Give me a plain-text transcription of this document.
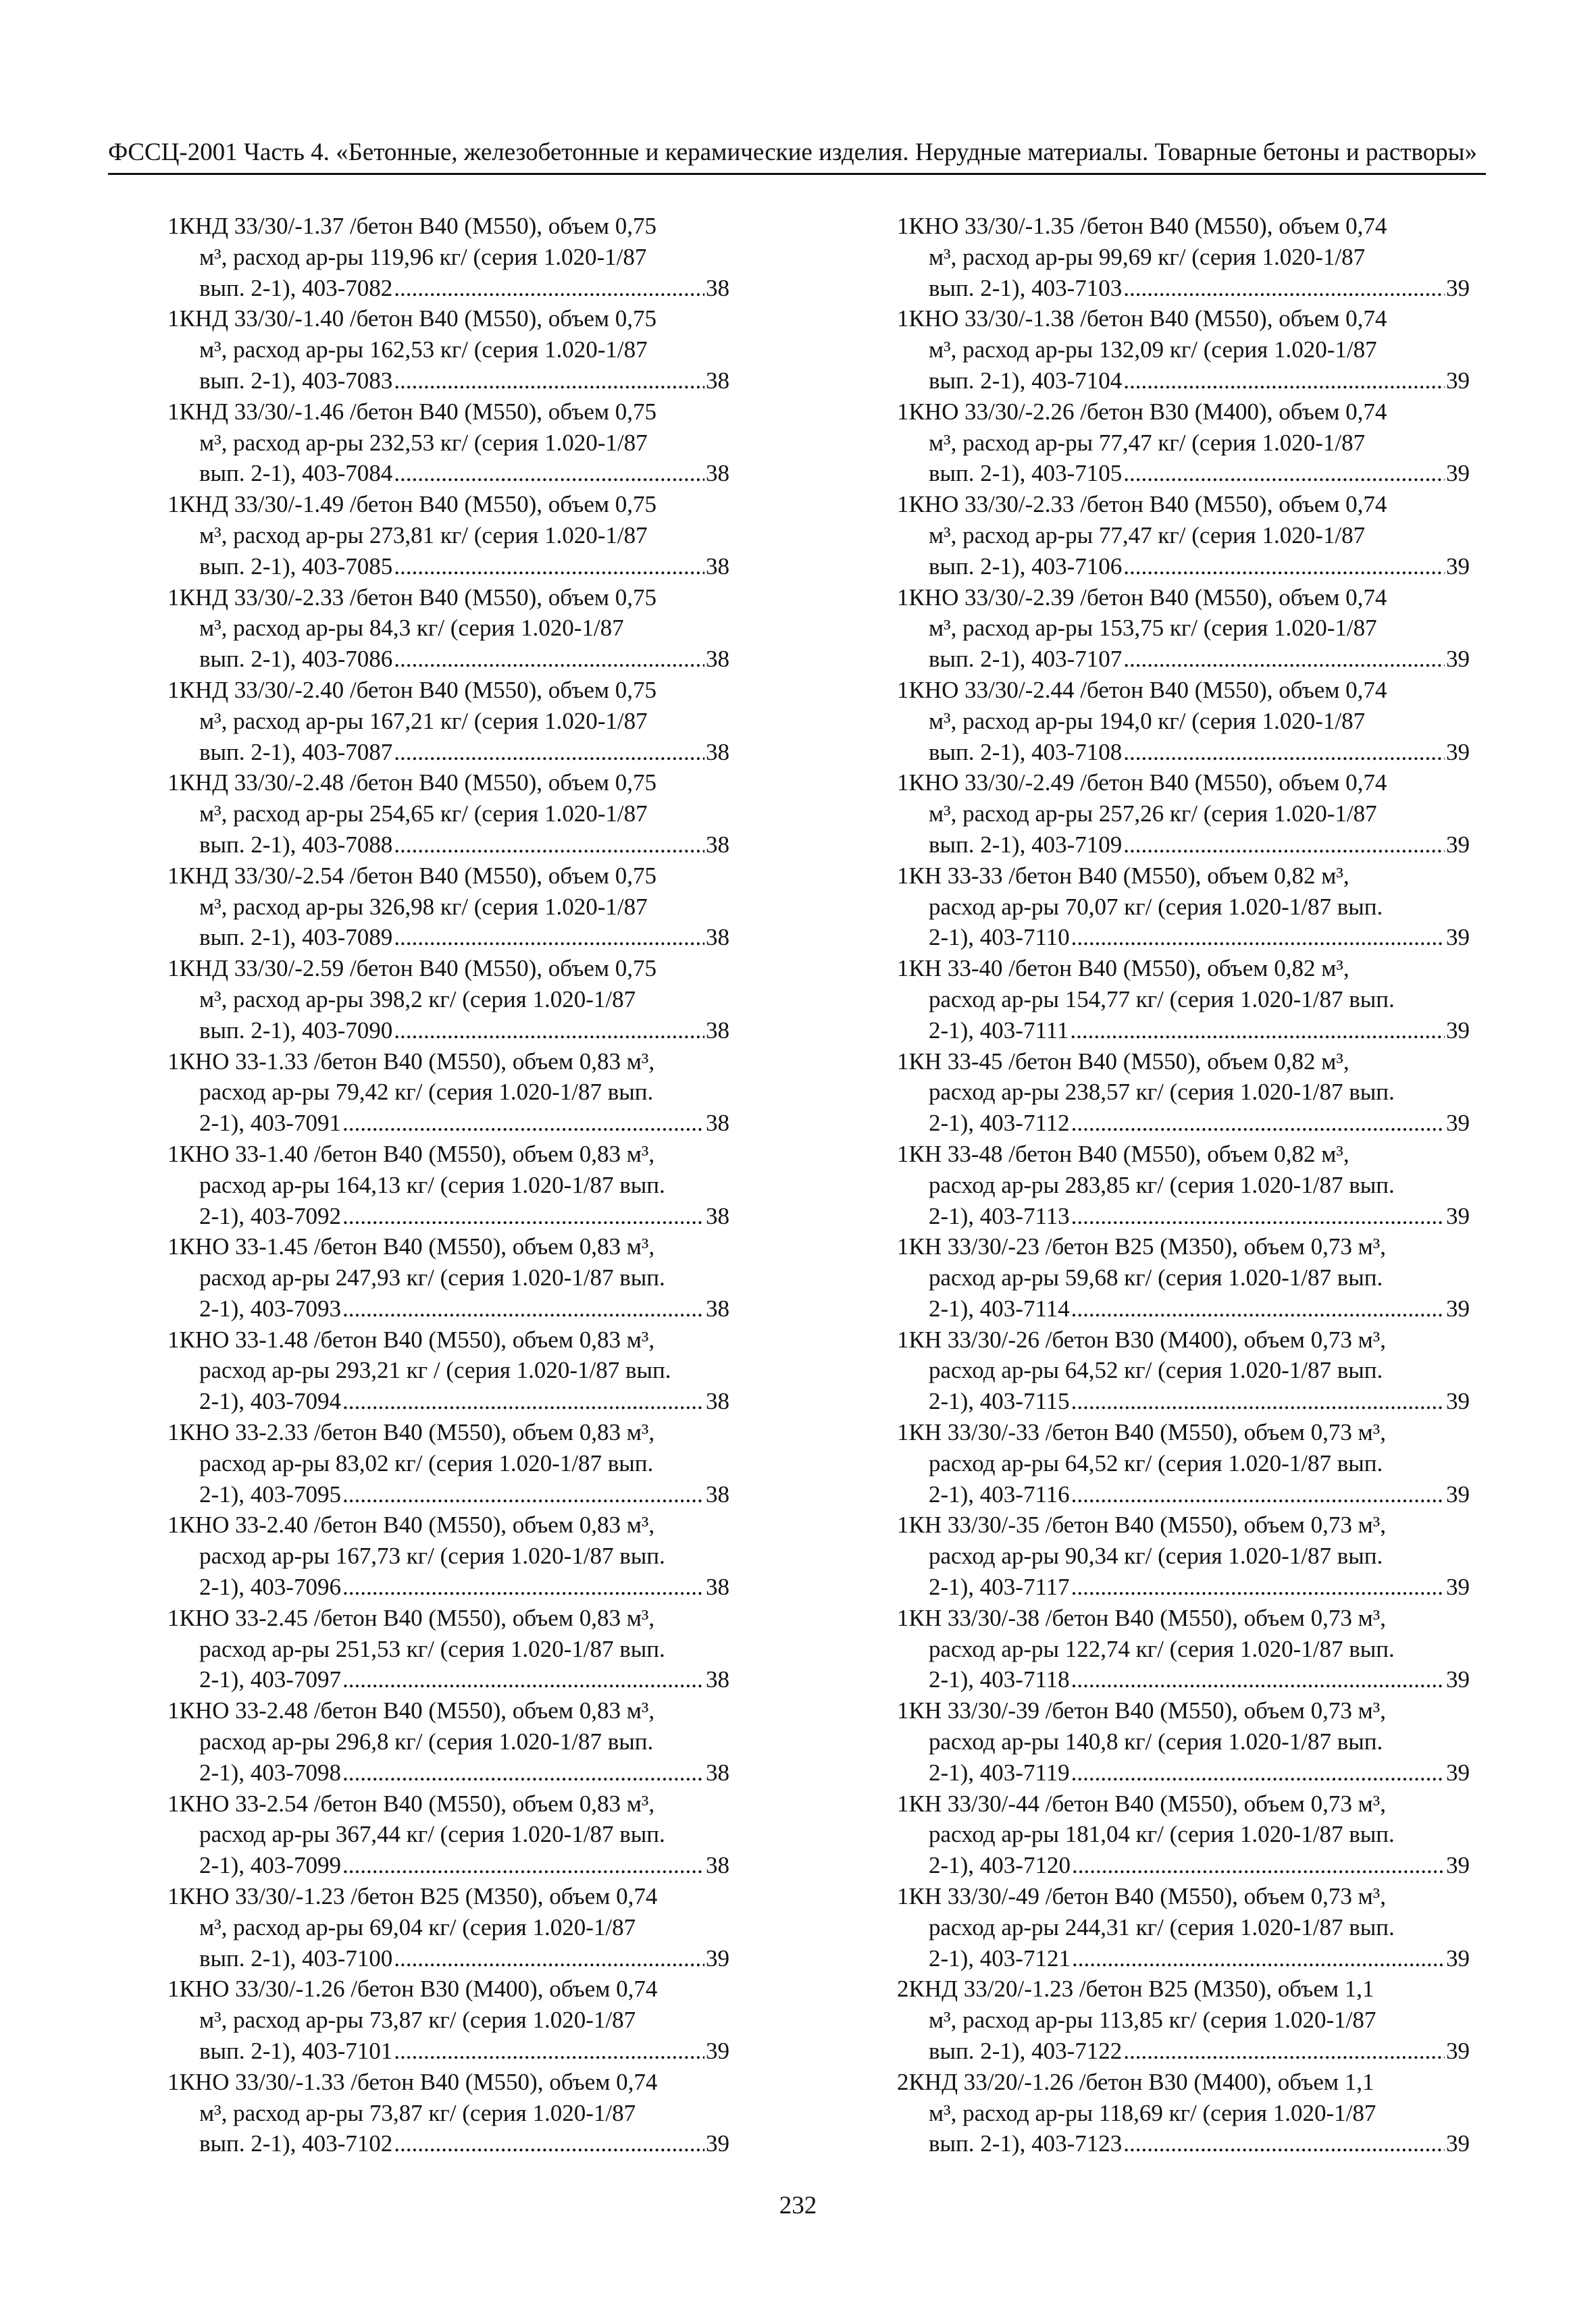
ФССЦ-2001 Часть 4. «Бетонные, железобетонные и керамические изделия. Нерудные материалы. Товарные бетоны и растворы»
1КНД 33/30/-1.37 /бетон В40 (М550), объем 0,75
м³, расход ар-ры 119,96 кг/ (серия 1.020-1/87
вып. 2-1), 403-7082 .....	38
1КНД 33/30/-1.40 /бетон В40 (М550), объем 0,75
м³, расход ар-ры 162,53 кг/ (серия 1.020-1/87
вып. 2-1), 403-7083 .....	38
1КНД 33/30/-1.46 /бетон В40 (М550), объем 0,75
м³, расход ар-ры 232,53 кг/ (серия 1.020-1/87
вып. 2-1), 403-7084 .....	38
1КНД 33/30/-1.49 /бетон В40 (М550), объем 0,75
м³, расход ар-ры 273,81 кг/ (серия 1.020-1/87
вып. 2-1), 403-7085 .....	38
1КНД 33/30/-2.33 /бетон В40 (М550), объем 0,75
м³, расход ар-ры 84,3 кг/ (серия 1.020-1/87
вып. 2-1), 403-7086 .....	38
1КНД 33/30/-2.40 /бетон В40 (М550), объем 0,75
м³, расход ар-ры 167,21 кг/ (серия 1.020-1/87
вып. 2-1), 403-7087 .....	38
1КНД 33/30/-2.48 /бетон В40 (М550), объем 0,75
м³, расход ар-ры 254,65 кг/ (серия 1.020-1/87
вып. 2-1), 403-7088 .....	38
1КНД 33/30/-2.54 /бетон В40 (М550), объем 0,75
м³, расход ар-ры 326,98 кг/ (серия 1.020-1/87
вып. 2-1), 403-7089 .....	38
1КНД 33/30/-2.59 /бетон В40 (М550), объем 0,75
м³, расход ар-ры 398,2 кг/ (серия 1.020-1/87
вып. 2-1), 403-7090 .....	38
1КНО 33-1.33 /бетон В40 (М550), объем 0,83 м³,
расход ар-ры 79,42 кг/ (серия 1.020-1/87 вып.
2-1), 403-7091 .....	38
1КНО 33-1.40 /бетон В40 (М550), объем 0,83 м³,
расход ар-ры 164,13 кг/ (серия 1.020-1/87 вып.
2-1), 403-7092 .....	38
1КНО 33-1.45 /бетон В40 (М550), объем 0,83 м³,
расход ар-ры 247,93 кг/ (серия 1.020-1/87 вып.
2-1), 403-7093 .....	38
1КНО 33-1.48 /бетон В40 (М550), объем 0,83 м³,
расход ар-ры 293,21 кг / (серия 1.020-1/87 вып.
2-1), 403-7094 .....	38
1КНО 33-2.33 /бетон В40 (М550), объем 0,83 м³,
расход ар-ры 83,02 кг/ (серия 1.020-1/87 вып.
2-1), 403-7095 .....	38
1КНО 33-2.40 /бетон В40 (М550), объем 0,83 м³,
расход ар-ры 167,73 кг/ (серия 1.020-1/87 вып.
2-1), 403-7096 .....	38
1КНО 33-2.45 /бетон В40 (М550), объем 0,83 м³,
расход ар-ры 251,53 кг/ (серия 1.020-1/87 вып.
2-1), 403-7097 .....	38
1КНО 33-2.48 /бетон В40 (М550), объем 0,83 м³,
расход ар-ры 296,8 кг/ (серия 1.020-1/87 вып.
2-1), 403-7098 .....	38
1КНО 33-2.54 /бетон В40 (М550), объем 0,83 м³,
расход ар-ры 367,44 кг/ (серия 1.020-1/87 вып.
2-1), 403-7099 .....	38
1КНО 33/30/-1.23 /бетон В25 (М350), объем 0,74
м³, расход ар-ры 69,04 кг/ (серия 1.020-1/87
вып. 2-1), 403-7100 .....	39
1КНО 33/30/-1.26 /бетон В30 (М400), объем 0,74
м³, расход ар-ры 73,87 кг/ (серия 1.020-1/87
вып. 2-1), 403-7101 .....	39
1КНО 33/30/-1.33 /бетон В40 (М550), объем 0,74
м³, расход ар-ры 73,87 кг/ (серия 1.020-1/87
вып. 2-1), 403-7102 .....	39
1КНО 33/30/-1.35 /бетон В40 (М550), объем 0,74
м³, расход ар-ры 99,69 кг/ (серия 1.020-1/87
вып. 2-1), 403-7103 .....	39
1КНО 33/30/-1.38 /бетон В40 (М550), объем 0,74
м³, расход ар-ры 132,09 кг/ (серия 1.020-1/87
вып. 2-1), 403-7104 .....	39
1КНО 33/30/-2.26 /бетон В30 (М400), объем 0,74
м³, расход ар-ры 77,47 кг/ (серия 1.020-1/87
вып. 2-1), 403-7105 .....	39
1КНО 33/30/-2.33 /бетон В40 (М550), объем 0,74
м³, расход ар-ры 77,47 кг/ (серия 1.020-1/87
вып. 2-1), 403-7106 .....	39
1КНО 33/30/-2.39 /бетон В40 (М550), объем 0,74
м³, расход ар-ры 153,75 кг/ (серия 1.020-1/87
вып. 2-1), 403-7107 .....	39
1КНО 33/30/-2.44 /бетон В40 (М550), объем 0,74
м³, расход ар-ры 194,0 кг/ (серия 1.020-1/87
вып. 2-1), 403-7108 .....	39
1КНО 33/30/-2.49 /бетон В40 (М550), объем 0,74
м³, расход ар-ры 257,26 кг/ (серия 1.020-1/87
вып. 2-1), 403-7109 .....	39
1КН 33-33 /бетон В40 (М550), объем 0,82 м³,
расход ар-ры 70,07 кг/ (серия 1.020-1/87 вып.
2-1), 403-7110 .....	39
1КН 33-40 /бетон В40 (М550), объем 0,82 м³,
расход ар-ры 154,77 кг/ (серия 1.020-1/87 вып.
2-1), 403-7111 .....	39
1КН 33-45 /бетон В40 (М550), объем 0,82 м³,
расход ар-ры 238,57 кг/ (серия 1.020-1/87 вып.
2-1), 403-7112 .....	39
1КН 33-48 /бетон В40 (М550), объем 0,82 м³,
расход ар-ры 283,85 кг/ (серия 1.020-1/87 вып.
2-1), 403-7113 .....	39
1КН 33/30/-23 /бетон В25 (М350), объем 0,73 м³,
расход ар-ры 59,68 кг/ (серия 1.020-1/87 вып.
2-1), 403-7114 .....	39
1КН 33/30/-26 /бетон В30 (М400), объем 0,73 м³,
расход ар-ры 64,52 кг/ (серия 1.020-1/87 вып.
2-1), 403-7115 .....	39
1КН 33/30/-33 /бетон В40 (М550), объем 0,73 м³,
расход ар-ры 64,52 кг/ (серия 1.020-1/87 вып.
2-1), 403-7116 .....	39
1КН 33/30/-35 /бетон В40 (М550), объем 0,73 м³,
расход ар-ры 90,34 кг/ (серия 1.020-1/87 вып.
2-1), 403-7117 .....	39
1КН 33/30/-38 /бетон В40 (М550), объем 0,73 м³,
расход ар-ры 122,74 кг/ (серия 1.020-1/87 вып.
2-1), 403-7118 .....	39
1КН 33/30/-39 /бетон В40 (М550), объем 0,73 м³,
расход ар-ры 140,8 кг/ (серия 1.020-1/87 вып.
2-1), 403-7119 .....	39
1КН 33/30/-44 /бетон В40 (М550), объем 0,73 м³,
расход ар-ры 181,04 кг/ (серия 1.020-1/87 вып.
2-1), 403-7120 .....	39
1КН 33/30/-49 /бетон В40 (М550), объем 0,73 м³,
расход ар-ры 244,31 кг/ (серия 1.020-1/87 вып.
2-1), 403-7121 .....	39
2КНД 33/20/-1.23 /бетон В25 (М350), объем 1,1
м³, расход ар-ры 113,85 кг/ (серия 1.020-1/87
вып. 2-1), 403-7122 .....	39
2КНД 33/20/-1.26 /бетон В30 (М400), объем 1,1
м³, расход ар-ры 118,69 кг/ (серия 1.020-1/87
вып. 2-1), 403-7123 .....	39
232
